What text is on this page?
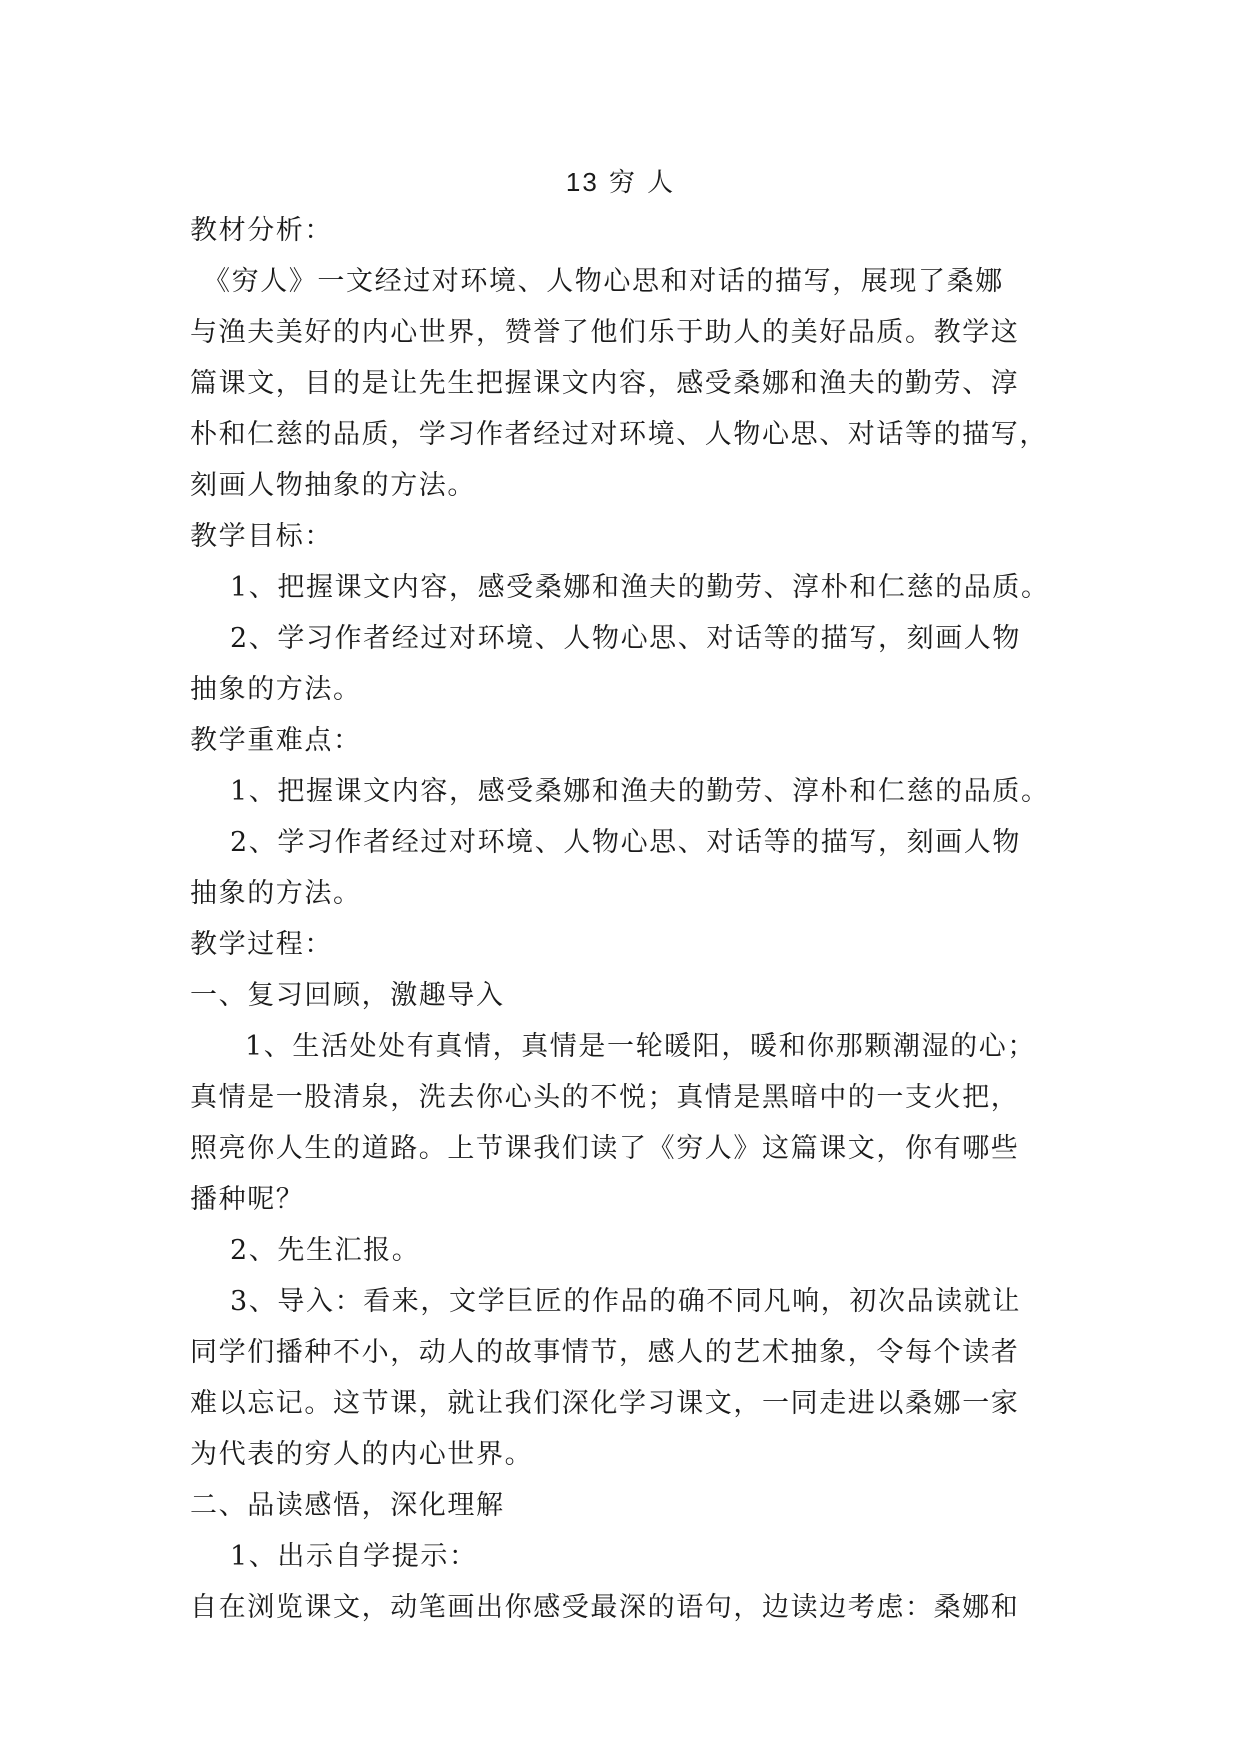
13 穷 人
教材分析：
《穷人》一文经过对环境、人物心思和对话的描写，展现了桑娜
与渔夫美好的内心世界，赞誉了他们乐于助人的美好品质。教学这
篇课文，目的是让先生把握课文内容，感受桑娜和渔夫的勤劳、淳
朴和仁慈的品质，学习作者经过对环境、人物心思、对话等的描写，
刻画人物抽象的方法。
教学目标：
1、把握课文内容，感受桑娜和渔夫的勤劳、淳朴和仁慈的品质。
2、学习作者经过对环境、人物心思、对话等的描写，刻画人物
抽象的方法。
教学重难点：
1、把握课文内容，感受桑娜和渔夫的勤劳、淳朴和仁慈的品质。
2、学习作者经过对环境、人物心思、对话等的描写，刻画人物
抽象的方法。
教学过程：
一、复习回顾，激趣导入
1、生活处处有真情，真情是一轮暖阳，暖和你那颗潮湿的心；
真情是一股清泉，洗去你心头的不悦；真情是黑暗中的一支火把，
照亮你人生的道路。上节课我们读了《穷人》这篇课文，你有哪些
播种呢？
2、先生汇报。
3、导入：看来，文学巨匠的作品的确不同凡响，初次品读就让
同学们播种不小，动人的故事情节，感人的艺术抽象，令每个读者
难以忘记。这节课，就让我们深化学习课文，一同走进以桑娜一家
为代表的穷人的内心世界。
二、品读感悟，深化理解
1、出示自学提示：
自在浏览课文，动笔画出你感受最深的语句，边读边考虑：桑娜和
